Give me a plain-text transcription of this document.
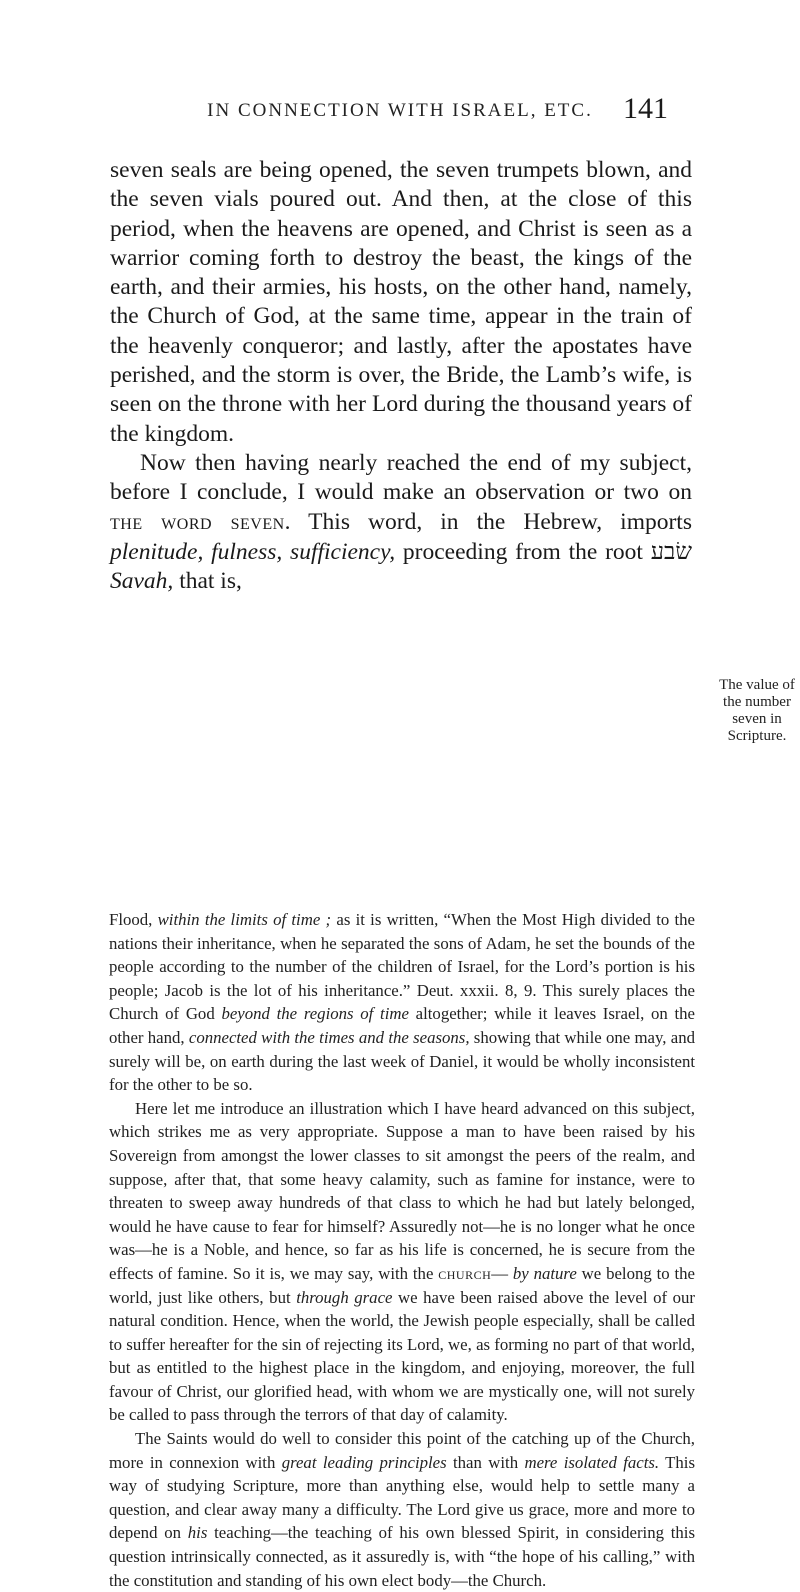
IN CONNECTION WITH ISRAEL, ETC.	141

seven seals are being opened, the seven trumpets blown, and the seven vials poured out. And then, at the close of this period, when the heavens are opened, and Christ is seen as a warrior coming forth to destroy the beast, the kings of the earth, and their armies, his hosts, on the other hand, namely, the Church of God, at the same time, appear in the train of the heavenly conqueror; and lastly, after the apostates have perished, and the storm is over, the Bride, the Lamb’s wife, is seen on the throne with her Lord during the thousand years of the kingdom.

Now then having nearly reached the end of my subject, before I conclude, I would make an observation or two on the word seven. This word, in the Hebrew, imports plenitude, fulness, sufficiency, proceeding from the root שׂבע Savah, that is,

The value of the number seven in Scripture.

Flood, within the limits of time ; as it is written, “When the Most High divided to the nations their inheritance, when he separated the sons of Adam, he set the bounds of the people according to the number of the children of Israel, for the Lord’s portion is his people; Jacob is the lot of his inheritance.” Deut. xxxii. 8, 9. This surely places the Church of God beyond the regions of time altogether; while it leaves Israel, on the other hand, connected with the times and the seasons, showing that while one may, and surely will be, on earth during the last week of Daniel, it would be wholly inconsistent for the other to be so.

Here let me introduce an illustration which I have heard advanced on this subject, which strikes me as very appropriate. Suppose a man to have been raised by his Sovereign from amongst the lower classes to sit amongst the peers of the realm, and suppose, after that, that some heavy calamity, such as famine for instance, were to threaten to sweep away hundreds of that class to which he had but lately belonged, would he have cause to fear for himself? Assuredly not—he is no longer what he once was—he is a Noble, and hence, so far as his life is concerned, he is secure from the effects of famine. So it is, we may say, with the church— by nature we belong to the world, just like others, but through grace we have been raised above the level of our natural condition. Hence, when the world, the Jewish people especially, shall be called to suffer hereafter for the sin of rejecting its Lord, we, as forming no part of that world, but as entitled to the highest place in the kingdom, and enjoying, moreover, the full favour of Christ, our glorified head, with whom we are mystically one, will not surely be called to pass through the terrors of that day of calamity.

The Saints would do well to consider this point of the catching up of the Church, more in connexion with great leading principles than with mere isolated facts. This way of studying Scripture, more than anything else, would help to settle many a question, and clear away many a difficulty. The Lord give us grace, more and more to depend on his teaching—the teaching of his own blessed Spirit, in considering this question intrinsically connected, as it assuredly is, with “the hope of his calling,” with the constitution and standing of his own elect body—the Church.
